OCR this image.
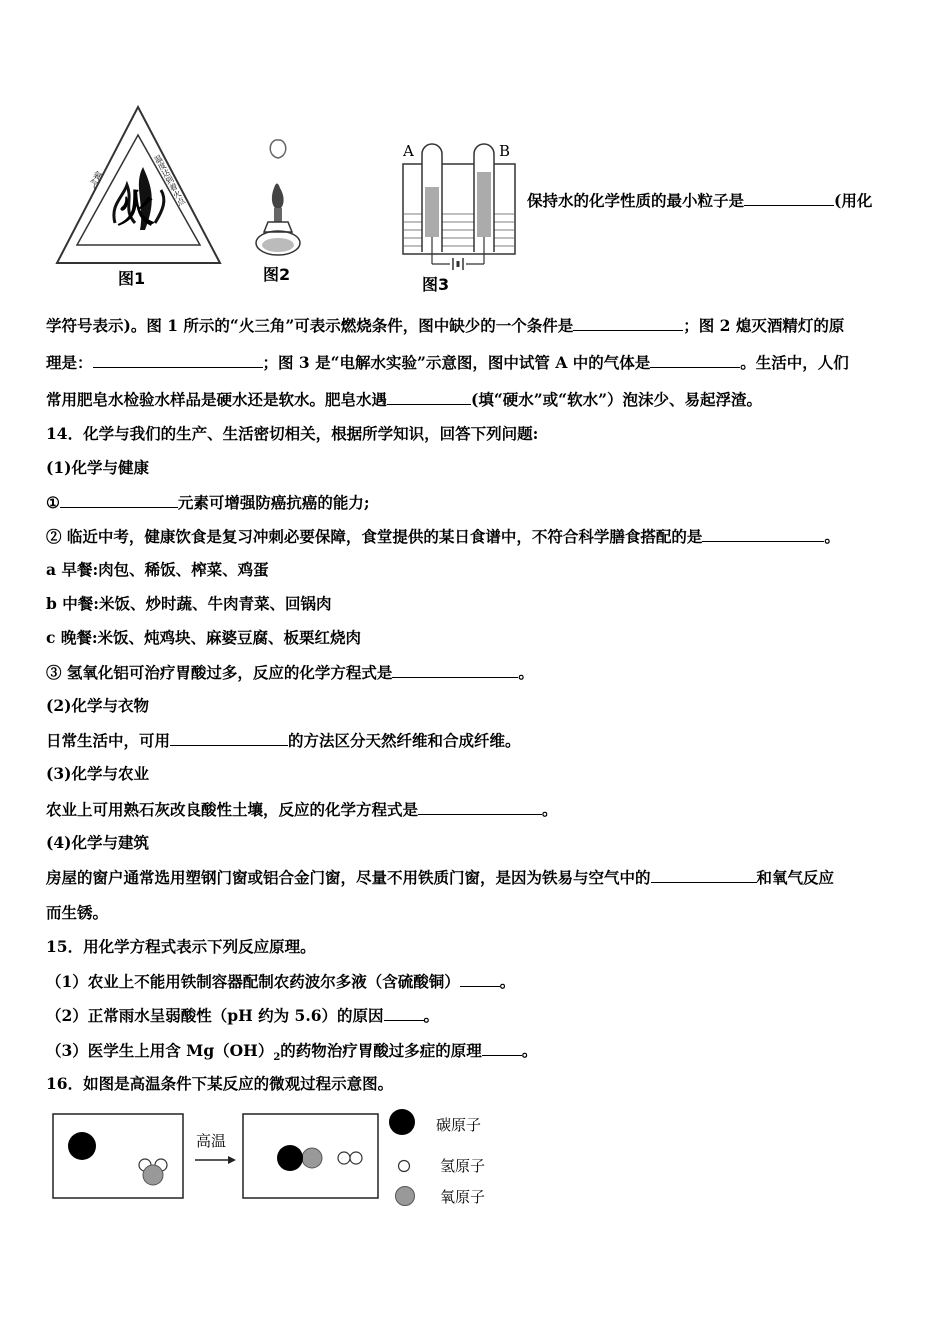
火
氧气	温度达到着火点
图1	图2
A	B
图3
保持水的化学性质的最小粒子是	(用化
学符号表示)。图 1 所示的“火三角”可表示燃烧条件，图中缺少的一个条件是	；图 2 熄灭酒精灯的原
理是：	；图 3 是“电解水实验”示意图，图中试管 A 中的气体是	。生活中，人们
常用肥皂水检验水样品是硬水还是软水。肥皂水遇	(填“硬水”或“软水”）泡沫少、易起浮渣。
14．化学与我们的生产、生活密切相关，根据所学知识，回答下列问题:
(1)化学与健康
①	元素可增强防癌抗癌的能力;
② 临近中考，健康饮食是复习冲刺必要保障，食堂提供的某日食谱中，不符合科学膳食搭配的是	。
a 早餐:肉包、稀饭、榨菜、鸡蛋
b 中餐:米饭、炒时蔬、牛肉青菜、回锅肉
c 晚餐:米饭、炖鸡块、麻婆豆腐、板栗红烧肉
③ 氢氧化铝可治疗胃酸过多，反应的化学方程式是	。
(2)化学与衣物
日常生活中，可用	的方法区分天然纤维和合成纤维。
(3)化学与农业
农业上可用熟石灰改良酸性土壤，反应的化学方程式是	。
(4)化学与建筑
房屋的窗户通常选用塑钢门窗或铝合金门窗，尽量不用铁质门窗，是因为铁易与空气中的	和氧气反应
而生锈。
15．用化学方程式表示下列反应原理。
（1）农业上不能用铁制容器配制农药波尔多液（含硫酸铜）	。
（2）正常雨水呈弱酸性（pH 约为 5.6）的原因	。
（3）医学生上用含 $Mg(OH)_2$的药物治疗胃酸过多症的原理	。
16．如图是高温条件下某反应的微观过程示意图。
高温
碳原子
氢原子
氧原子
